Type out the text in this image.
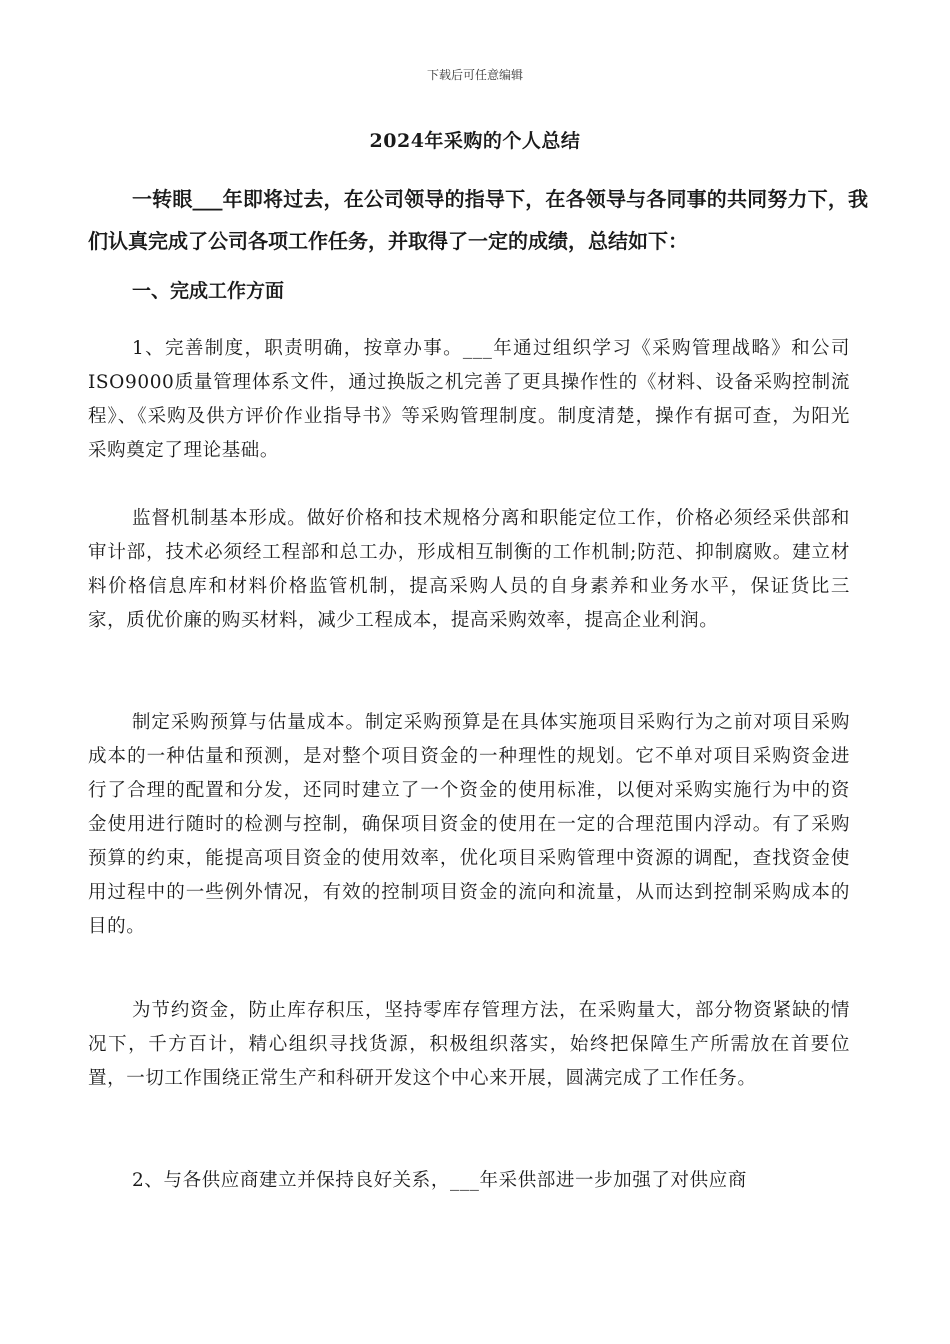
下载后可任意编辑
2024年采购的个人总结
一转眼___年即将过去，在公司领导的指导下，在各领导与各同事的共同努力下，我们认真完成了公司各项工作任务，并取得了一定的成绩，总结如下：
一、完成工作方面
1、完善制度，职责明确，按章办事。___年通过组织学习《采购管理战略》和公司ISO9000质量管理体系文件，通过换版之机完善了更具操作性的《材料、设备采购控制流程》、《采购及供方评价作业指导书》等采购管理制度。制度清楚，操作有据可查，为阳光采购奠定了理论基础。
监督机制基本形成。做好价格和技术规格分离和职能定位工作，价格必须经采供部和审计部，技术必须经工程部和总工办，形成相互制衡的工作机制;防范、抑制腐败。建立材料价格信息库和材料价格监管机制，提高采购人员的自身素养和业务水平，保证货比三家，质优价廉的购买材料，减少工程成本，提高采购效率，提高企业利润。
制定采购预算与估量成本。制定采购预算是在具体实施项目采购行为之前对项目采购成本的一种估量和预测，是对整个项目资金的一种理性的规划。它不单对项目采购资金进行了合理的配置和分发，还同时建立了一个资金的使用标准，以便对采购实施行为中的资金使用进行随时的检测与控制，确保项目资金的使用在一定的合理范围内浮动。有了采购预算的约束，能提高项目资金的使用效率，优化项目采购管理中资源的调配，查找资金使用过程中的一些例外情况，有效的控制项目资金的流向和流量，从而达到控制采购成本的目的。
为节约资金，防止库存积压，坚持零库存管理方法，在采购量大，部分物资紧缺的情况下，千方百计，精心组织寻找货源，积极组织落实，始终把保障生产所需放在首要位置，一切工作围绕正常生产和科研开发这个中心来开展，圆满完成了工作任务。
2、与各供应商建立并保持良好关系，___年采供部进一步加强了对供应商
